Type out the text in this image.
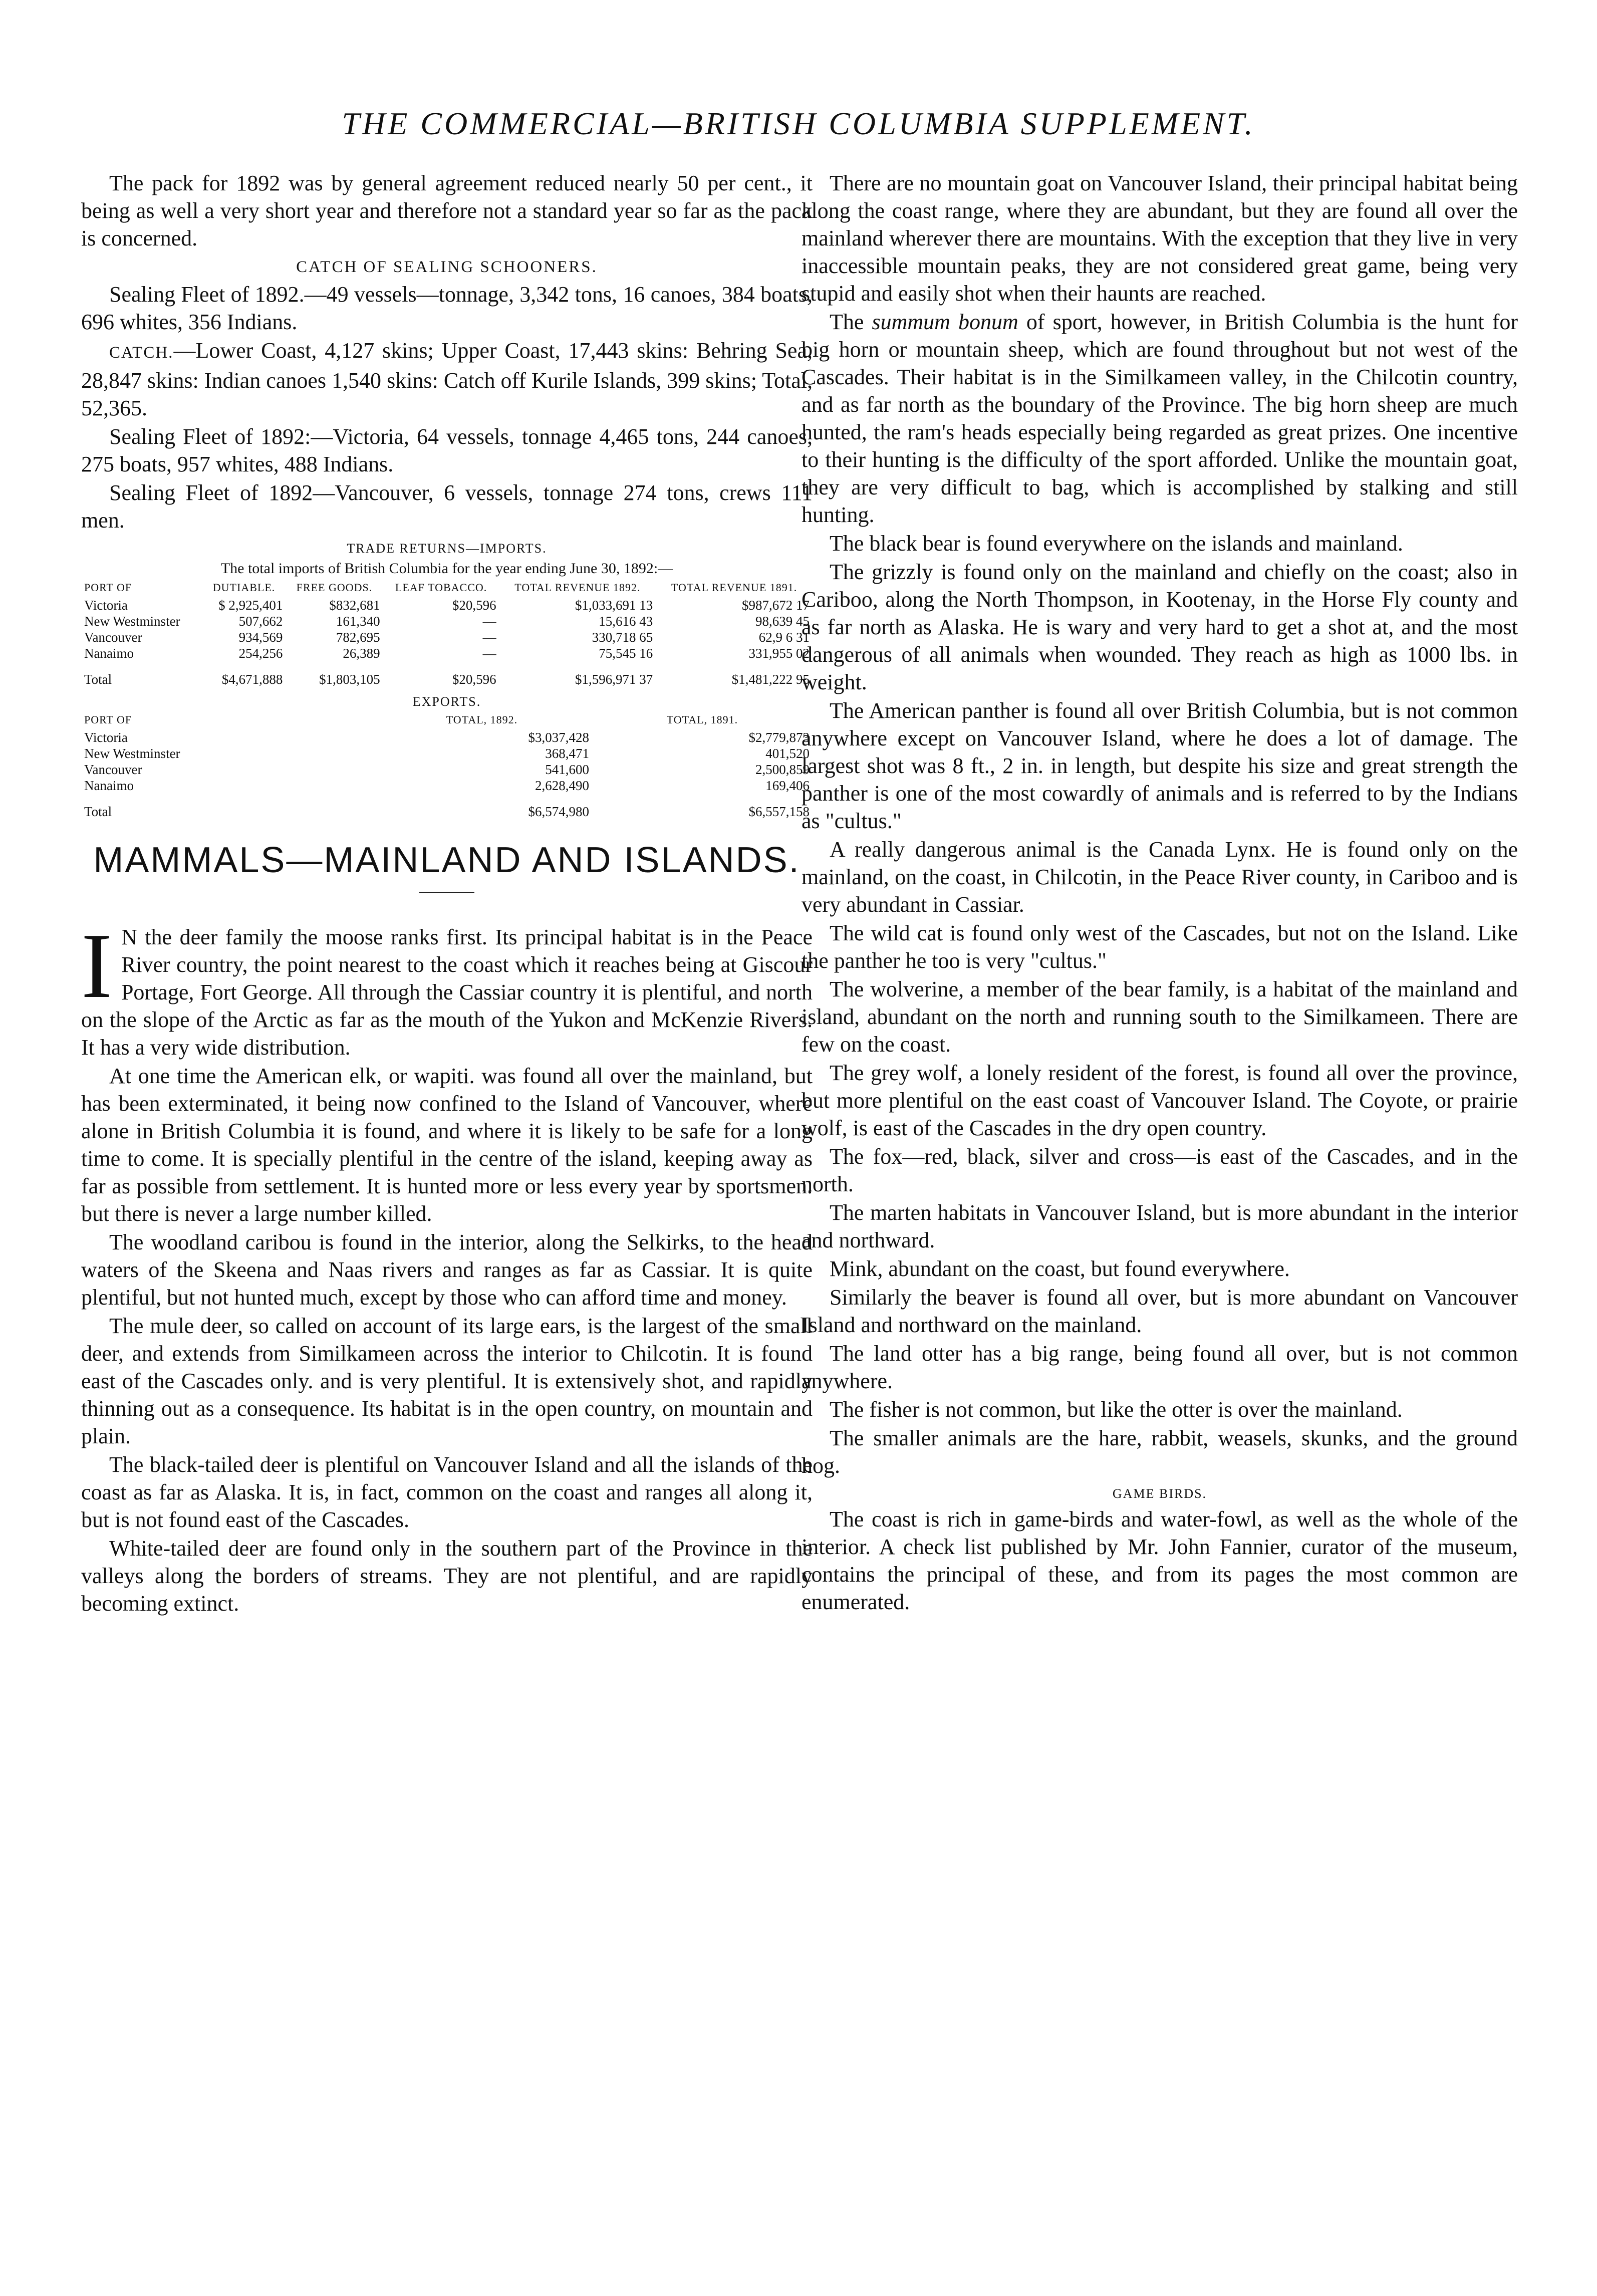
THE COMMERCIAL—BRITISH COLUMBIA SUPPLEMENT.

The pack for 1892 was by general agreement reduced nearly 50 per cent., it being as well a very short year and therefore not a standard year so far as the pack is concerned.

CATCH OF SEALING SCHOONERS.

Sealing Fleet of 1892.—49 vessels—tonnage, 3,342 tons, 16 canoes, 384 boats, 696 whites, 356 Indians.

CATCH.—Lower Coast, 4,127 skins; Upper Coast, 17,443 skins: Behring Sea, 28,847 skins: Indian canoes 1,540 skins: Catch off Kurile Islands, 399 skins; Total, 52,365.

Sealing Fleet of 1892:—Victoria, 64 vessels, tonnage 4,465 tons, 244 canoes, 275 boats, 957 whites, 488 Indians.

Sealing Fleet of 1892—Vancouver, 6 vessels, tonnage 274 tons, crews 111 men.

TRADE RETURNS—IMPORTS.
The total imports of British Columbia for the year ending June 30, 1892:—
PORT OF	DUTIABLE.	FREE GOODS.	LEAF TOBACCO.	TOTAL REVENUE 1892.	TOTAL REVENUE 1891.
Victoria	$ 2,925,401	$832,681	$20,596	$1,033,691 13	$987,672 17
New Westminster	507,662	161,340	—	15,616 43	98,639 45
Vancouver	934,569	782,695	—	330,718 65	62,9 6 31
Nanaimo	254,256	26,389	—	75,545 16	331,955 02
Total	$4,671,888	$1,803,105	$20,596	$1,596,971 37	$1,481,222 95
EXPORTS.
PORT OF	TOTAL, 1892.	TOTAL, 1891.
Victoria	$3,037,428	$2,779,873
New Westminster	368,471	401,520
Vancouver	541,600	2,500,859
Nanaimo	2,628,490	169,406
Total	$6,574,980	$6,557,158
MAMMALS—MAINLAND AND ISLANDS.

I N the deer family the moose ranks first. Its principal habitat is in the Peace River country, the point nearest to the coast which it reaches being at Giscour Portage, Fort George. All through the Cassiar country it is plentiful, and north on the slope of the Arctic as far as the mouth of the Yukon and McKenzie Rivers. It has a very wide distribution.

At one time the American elk, or wapiti. was found all over the mainland, but has been exterminated, it being now confined to the Island of Vancouver, where alone in British Columbia it is found, and where it is likely to be safe for a long time to come. It is specially plentiful in the centre of the island, keeping away as far as possible from settlement. It is hunted more or less every year by sportsmen. but there is never a large number killed.

The woodland caribou is found in the interior, along the Selkirks, to the head waters of the Skeena and Naas rivers and ranges as far as Cassiar. It is quite plentiful, but not hunted much, except by those who can afford time and money.

The mule deer, so called on account of its large ears, is the largest of the small deer, and extends from Similkameen across the interior to Chilcotin. It is found east of the Cascades only. and is very plentiful. It is extensively shot, and rapidly thinning out as a consequence. Its habitat is in the open country, on mountain and plain.

The black-tailed deer is plentiful on Vancouver Island and all the islands of the coast as far as Alaska. It is, in fact, common on the coast and ranges all along it, but is not found east of the Cascades.

White-tailed deer are found only in the southern part of the Province in the valleys along the borders of streams. They are not plentiful, and are rapidly becoming extinct.

There are no mountain goat on Vancouver Island, their principal habitat being along the coast range, where they are abundant, but they are found all over the mainland wherever there are mountains. With the exception that they live in very inaccessible mountain peaks, they are not considered great game, being very stupid and easily shot when their haunts are reached.

The summum bonum of sport, however, in British Columbia is the hunt for big horn or mountain sheep, which are found throughout but not west of the Cascades. Their habitat is in the Similkameen valley, in the Chilcotin country, and as far north as the boundary of the Province. The big horn sheep are much hunted, the ram's heads especially being regarded as great prizes. One incentive to their hunting is the difficulty of the sport afforded. Unlike the mountain goat, they are very difficult to bag, which is accomplished by stalking and still hunting.

The black bear is found everywhere on the islands and mainland.

The grizzly is found only on the mainland and chiefly on the coast; also in Cariboo, along the North Thompson, in Kootenay, in the Horse Fly county and as far north as Alaska. He is wary and very hard to get a shot at, and the most dangerous of all animals when wounded. They reach as high as 1000 lbs. in weight.

The American panther is found all over British Columbia, but is not common anywhere except on Vancouver Island, where he does a lot of damage. The largest shot was 8 ft., 2 in. in length, but despite his size and great strength the panther is one of the most cowardly of animals and is referred to by the Indians as "cultus."

A really dangerous animal is the Canada Lynx. He is found only on the mainland, on the coast, in Chilcotin, in the Peace River county, in Cariboo and is very abundant in Cassiar.

The wild cat is found only west of the Cascades, but not on the Island. Like the panther he too is very "cultus."

The wolverine, a member of the bear family, is a habitat of the mainland and island, abundant on the north and running south to the Similkameen. There are few on the coast.

The grey wolf, a lonely resident of the forest, is found all over the province, but more plentiful on the east coast of Vancouver Island. The Coyote, or prairie wolf, is east of the Cascades in the dry open country.

The fox—red, black, silver and cross—is east of the Cascades, and in the north.

The marten habitats in Vancouver Island, but is more abundant in the interior and northward.

Mink, abundant on the coast, but found everywhere.

Similarly the beaver is found all over, but is more abundant on Vancouver Island and northward on the mainland.

The land otter has a big range, being found all over, but is not common anywhere.

The fisher is not common, but like the otter is over the mainland.

The smaller animals are the hare, rabbit, weasels, skunks, and the ground hog.

GAME BIRDS.

The coast is rich in game-birds and water-fowl, as well as the whole of the interior. A check list published by Mr. John Fannier, curator of the museum, contains the principal of these, and from its pages the most common are enumerated.
